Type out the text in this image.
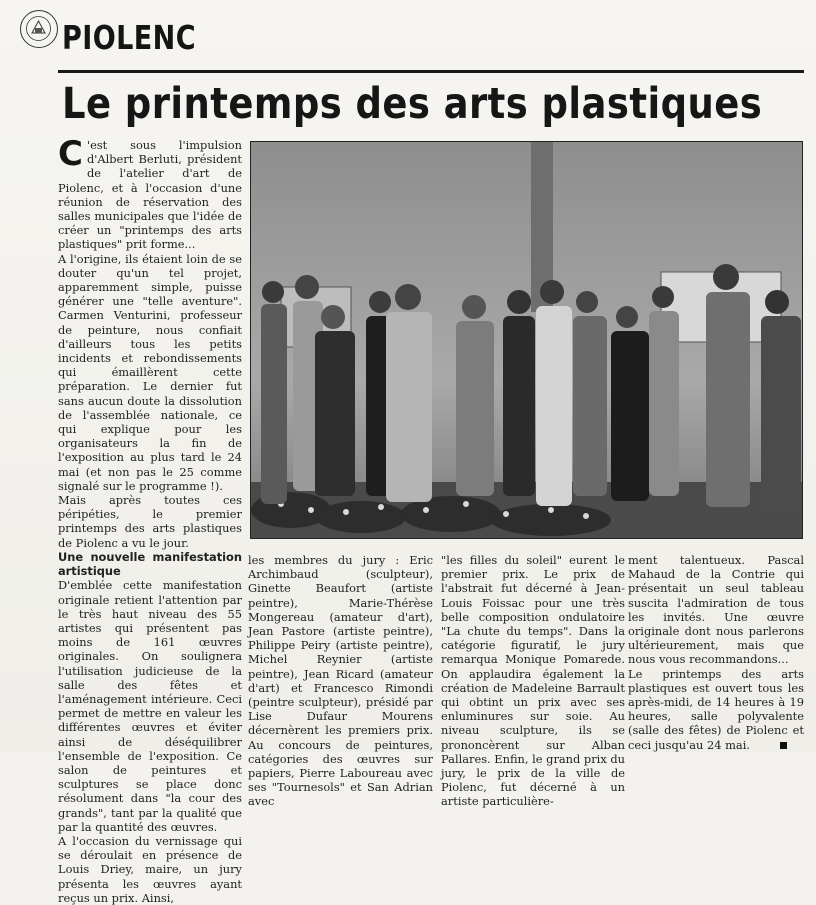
PIOLENC
Le printemps des arts plastiques
C 'est sous l'impulsion d'Albert Berluti, président de l'atelier d'art de Piolenc, et à l'occasion d'une réunion de réservation des salles municipales que l'idée de créer un "printemps des arts plastiques" prit forme...

A l'origine, ils étaient loin de se douter qu'un tel projet, apparemment simple, puisse générer une "telle aventure". Carmen Venturini, professeur de peinture, nous confiait d'ailleurs tous les petits incidents et rebondissements qui émaillèrent cette préparation. Le dernier fut sans aucun doute la dissolution de l'assemblée nationale, ce qui explique pour les organisateurs la fin de l'exposition au plus tard le 24 mai (et non pas le 25 comme signalé sur le programme !).

Mais après toutes ces péripéties, le premier printemps des arts plastiques de Piolenc a vu le jour.

Une nouvelle manifestation artistique

D'emblée cette manifestation originale retient l'attention par le très haut niveau des 55 artistes qui présentent pas moins de 161 œuvres originales. On soulignera l'utilisation judicieuse de la salle des fêtes et l'aménagement intérieure. Ceci permet de mettre en valeur les différentes œuvres et éviter ainsi de déséquilibrer l'ensemble de l'exposition. Ce salon de peintures et sculptures se place donc résolument dans "la cour des grands", tant par la qualité que par la quantité des œuvres.

A l'occasion du vernissage qui se déroulait en présence de Louis Driey, maire, un jury présenta les œuvres ayant reçus un prix. Ainsi,

les membres du jury : Eric Archimbaud (sculpteur), Ginette Beaufort (artiste peintre), Marie-Thérèse Mongereau (amateur d'art), Jean Pastore (artiste peintre), Philippe Peiry (artiste peintre), Michel Reynier (artiste peintre), Jean Ricard (amateur d'art) et Francesco Rimondi (peintre sculpteur), présidé par Lise Dufaur Mourens décernèrent les premiers prix. Au concours de peintures, catégories des œuvres sur papiers, Pierre Laboureau avec ses "Tournesols" et San Adrian avec

"les filles du soleil" eurent le premier prix. Le prix de l'abstrait fut décerné à Jean-Louis Foissac pour une très belle composition ondulatoire "La chute du temps". Dans la catégorie figuratif, le jury remarqua Monique Pomarede. On applaudira également la création de Madeleine Barrault qui obtint un prix avec ses enluminures sur soie. Au niveau sculpture, ils se prononcèrent sur Alban Pallares. Enfin, le grand prix du jury, le prix de la ville de Piolenc, fut décerné à un artiste particulière-

ment talentueux. Pascal Mahaud de la Contrie qui présentait un seul tableau suscita l'admiration de tous les invités. Une œuvre originale dont nous parlerons ultérieurement, mais que nous vous recommandons...

Le printemps des arts plastiques est ouvert tous les après-midi, de 14 heures à 19 heures, salle polyvalente (salle des fêtes) de Piolenc et ceci jusqu'au 24 mai.
